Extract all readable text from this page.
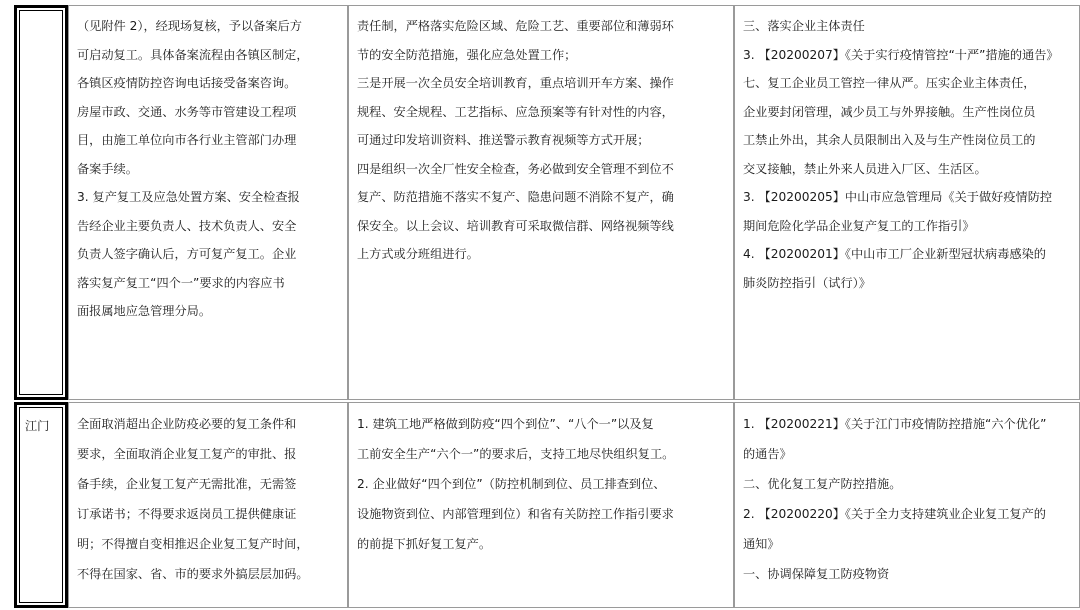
（见附件 2），经现场复核，予以备案后方
可启动复工。具体备案流程由各镇区制定，
各镇区疫情防控咨询电话接受备案咨询。
房屋市政、交通、水务等市管建设工程项
目，由施工单位向市各行业主管部门办理
备案手续。
3. 复产复工及应急处置方案、安全检查报
告经企业主要负责人、技术负责人、安全
负责人签字确认后，方可复产复工。企业
落实复产复工“四个一”要求的内容应书
面报属地应急管理分局。
责任制，严格落实危险区域、危险工艺、重要部位和薄弱环
节的安全防范措施，强化应急处置工作；
三是开展一次全员安全培训教育，重点培训开车方案、操作
规程、安全规程、工艺指标、应急预案等有针对性的内容，
可通过印发培训资料、推送警示教育视频等方式开展；
四是组织一次全厂性安全检查，务必做到安全管理不到位不
复产、防范措施不落实不复产、隐患问题不消除不复产，确
保安全。以上会议、培训教育可采取微信群、网络视频等线
上方式或分班组进行。
三、落实企业主体责任
3. 【20200207】《关于实行疫情管控“十严”措施的通告》
七、复工企业员工管控一律从严。压实企业主体责任，
企业要封闭管理，减少员工与外界接触。生产性岗位员
工禁止外出，其余人员限制出入及与生产性岗位员工的
交叉接触，禁止外来人员进入厂区、生活区。
3. 【20200205】中山市应急管理局《关于做好疫情防控
期间危险化学品企业复产复工的工作指引》
4. 【20200201】《中山市工厂企业新型冠状病毒感染的
肺炎防控指引（试行）》
江门 全面取消超出企业防疫必要的复工条件和
要求，全面取消企业复工复产的审批、报
备手续，企业复工复产无需批准，无需签
订承诺书；不得要求返岗员工提供健康证
明；不得擅自变相推迟企业复工复产时间，
不得在国家、省、市的要求外搞层层加码。
1. 建筑工地严格做到防疫“四个到位”、“八个一”以及复
工前安全生产“六个一”的要求后，支持工地尽快组织复工。
2. 企业做好“四个到位”（防控机制到位、员工排查到位、
设施物资到位、内部管理到位）和省有关防控工作指引要求
的前提下抓好复工复产。
1. 【20200221】《关于江门市疫情防控措施“六个优化”
的通告》
二、优化复工复产防控措施。
2. 【20200220】《关于全力支持建筑业企业复工复产的
通知》
一、协调保障复工防疫物资
